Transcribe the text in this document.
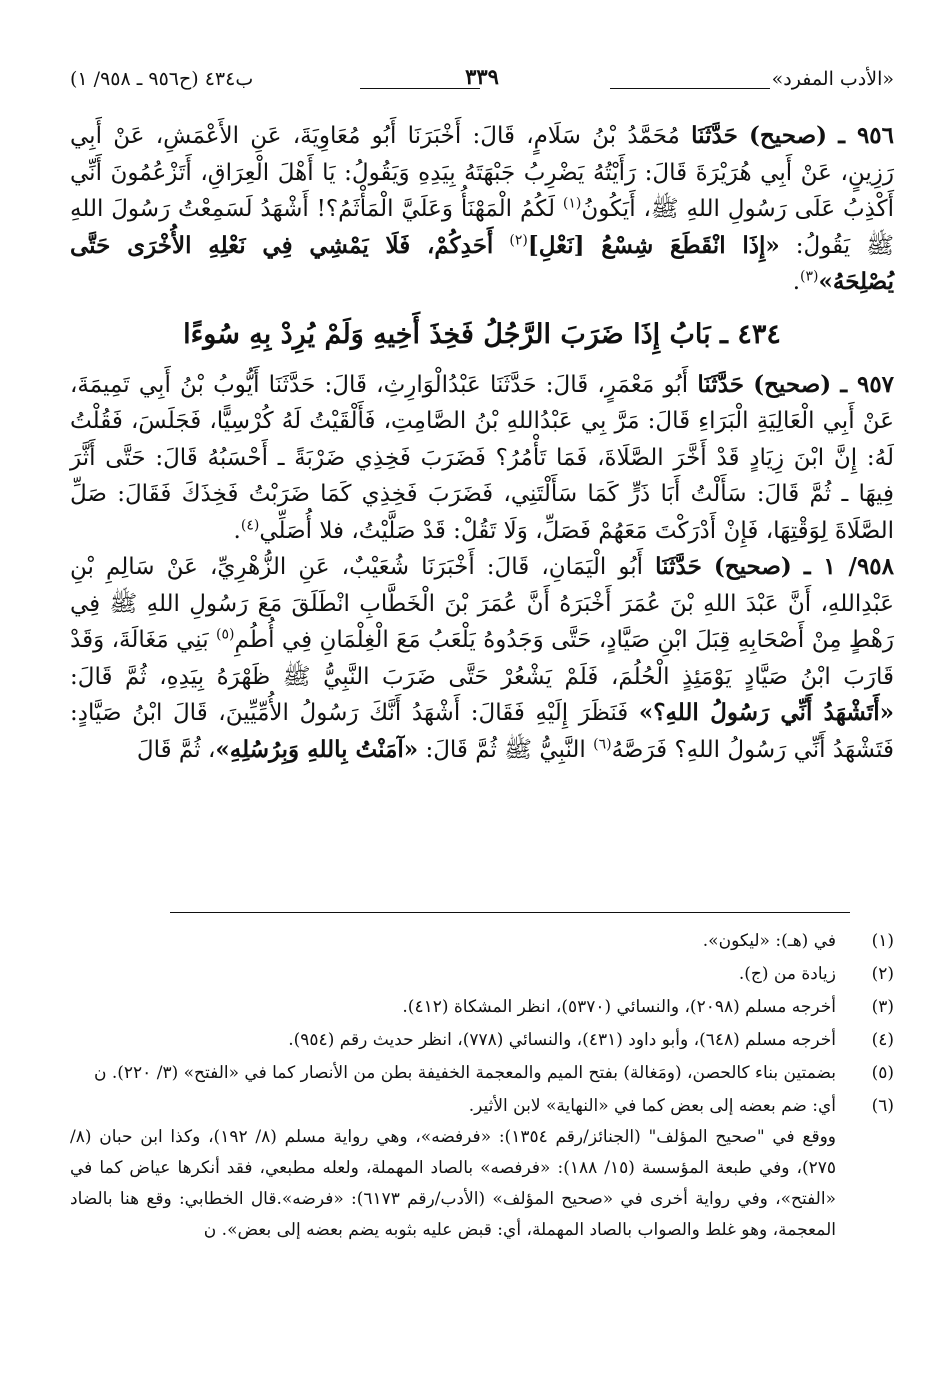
«الأدب المفرد»
٣٣٩
ب٤٣٤ (ح٩٥٦ ـ ٩٥٨/ ١)

٩٥٦ ـ (صحيح) حَدَّثَنَا مُحَمَّدُ بْنُ سَلَامٍ، قَالَ: أَخْبَرَنَا أَبُو مُعَاوِيَةَ، عَنِ الأَعْمَشِ، عَنْ أَبِي رَزِينٍ، عَنْ أَبِي هُرَيْرَةَ قَالَ: رَأَيْتُهُ يَضْرِبُ جَبْهَتَهُ بِيَدِهِ وَيَقُولُ: يَا أَهْلَ الْعِرَاقِ، أَتَزْعُمُونَ أَنِّي أَكْذِبُ عَلَى رَسُولِ اللهِ ﷺ، أَيَكُونُ$^{(١)}$ لَكُمُ الْمَهْنَأُ وَعَلَيَّ الْمَأْثَمُ؟! أَشْهَدُ لَسَمِعْتُ رَسُولَ اللهِ ﷺ يَقُولُ: «إِذَا انْقَطَعَ شِسْعُ [نَعْلِ]$^{(٢)}$ أَحَدِكُمْ، فَلَا يَمْشِي فِي نَعْلِهِ الأُخْرَى حَتَّى يُصْلِحَهُ»$^{(٣)}$.

٤٣٤ ـ بَابُ إِذَا ضَرَبَ الرَّجُلُ فَخِذَ أَخِيهِ وَلَمْ يُرِدْ بِهِ سُوءًا

٩٥٧ ـ (صحيح) حَدَّثَنَا أَبُو مَعْمَرٍ، قَالَ: حَدَّثَنَا عَبْدُالْوَارِثِ، قَالَ: حَدَّثَنَا أَيُّوبُ بْنُ أَبِي تَمِيمَةَ، عَنْ أَبِي الْعَالِيَةِ الْبَرَاءِ قَالَ: مَرَّ بِي عَبْدُاللهِ بْنُ الصَّامِتِ، فَأَلْقَيْتُ لَهُ كُرْسِيًّا، فَجَلَسَ، فَقُلْتُ لَهُ: إِنَّ ابْنَ زِيَادٍ قَدْ أَخَّرَ الصَّلَاةَ، فَمَا تَأْمُرُ؟ فَضَرَبَ فَخِذِي ضَرْبَةً ـ أَحْسَبُهُ قَالَ: حَتَّى أَثَّرَ فِيهَا ـ ثُمَّ قَالَ: سَأَلْتُ أَبَا ذَرٍّ كَمَا سَأَلْتَنِي، فَضَرَبَ فَخِذِي كَمَا ضَرَبْتُ فَخِذَكَ فَقَالَ: صَلِّ الصَّلَاةَ لِوَقْتِهَا، فَإِنْ أَدْرَكْتَ مَعَهُمْ فَصَلِّ، وَلَا تَقُلْ: قَدْ صَلَّيْتُ، فلا أُصَلِّي$^{(٤)}$.

٩٥٨/ ١ ـ (صحيح) حَدَّثَنَا أَبُو الْيَمَانِ، قَالَ: أَخْبَرَنَا شُعَيْبٌ، عَنِ الزُّهْرِيِّ، عَنْ سَالِمِ بْنِ عَبْدِاللهِ، أَنَّ عَبْدَ اللهِ بْنَ عُمَرَ أَخْبَرَهُ أَنَّ عُمَرَ بْنَ الْخَطَّابِ انْطَلَقَ مَعَ رَسُولِ اللهِ ﷺ فِي رَهْطٍ مِنْ أَصْحَابِهِ قِبَلَ ابْنِ صَيَّادٍ، حَتَّى وَجَدُوهُ يَلْعَبُ مَعَ الْغِلْمَانِ فِي أُطُمِ$^{(٥)}$ بَنِي مَغَالَةَ، وَقَدْ قَارَبَ ابْنُ صَيَّادٍ يَوْمَئِذٍ الْحُلُمَ، فَلَمْ يَشْعُرْ حَتَّى ضَرَبَ النَّبِيُّ ﷺ ظَهْرَهُ بِيَدِهِ، ثُمَّ قَالَ: «أَتَشْهَدُ أَنِّي رَسُولُ اللهِ؟» فَنَظَرَ إِلَيْهِ فَقَالَ: أَشْهَدُ أَنَّكَ رَسُولُ الأُمِّيِّينَ، قَالَ ابْنُ صَيَّادٍ: فَتَشْهَدُ أَنِّي رَسُولُ اللهِ؟ فَرَصَّهُ$^{(٦)}$ النَّبِيُّ ﷺ ثُمَّ قَالَ: «آمَنْتُ بِاللهِ وَبِرُسُلِهِ»، ثُمَّ قَالَ

(١)

في (هـ): «ليكون».

(٢)

زيادة من (ج).

(٣)

أخرجه مسلم (٢٠٩٨)، والنسائي (٥٣٧٠)، انظر المشكاة (٤١٢).

(٤)

أخرجه مسلم (٦٤٨)، وأبو داود (٤٣١)، والنسائي (٧٧٨)، انظر حديث رقم (٩٥٤).

(٥)

بضمتين بناء كالحصن، (ومَغالة) بفتح الميم والمعجمة الخفيفة بطن من الأنصار كما في «الفتح» (٣/ ٢٢٠). ن

(٦)

أي: ضم بعضه إلى بعض كما في «النهاية» لابن الأثير.

ووقع في "صحيح المؤلف" (الجنائز/رقم ١٣٥٤): «فرفضه»، وهي رواية مسلم (٨/ ١٩٢)، وكذا ابن حبان (٨/ ٢٧٥)، وفي طبعة المؤسسة (١٥/ ١٨٨): «فرفصه» بالصاد المهملة، ولعله مطبعي، فقد أنكرها عياض كما في «الفتح»، وفي رواية أخرى في «صحيح المؤلف» (الأدب/رقم ٦١٧٣): «فرضه».قال الخطابي: وقع هنا بالضاد المعجمة، وهو غلط والصواب بالصاد المهملة، أي: قبض عليه بثوبه يضم بعضه إلى بعض». ن
